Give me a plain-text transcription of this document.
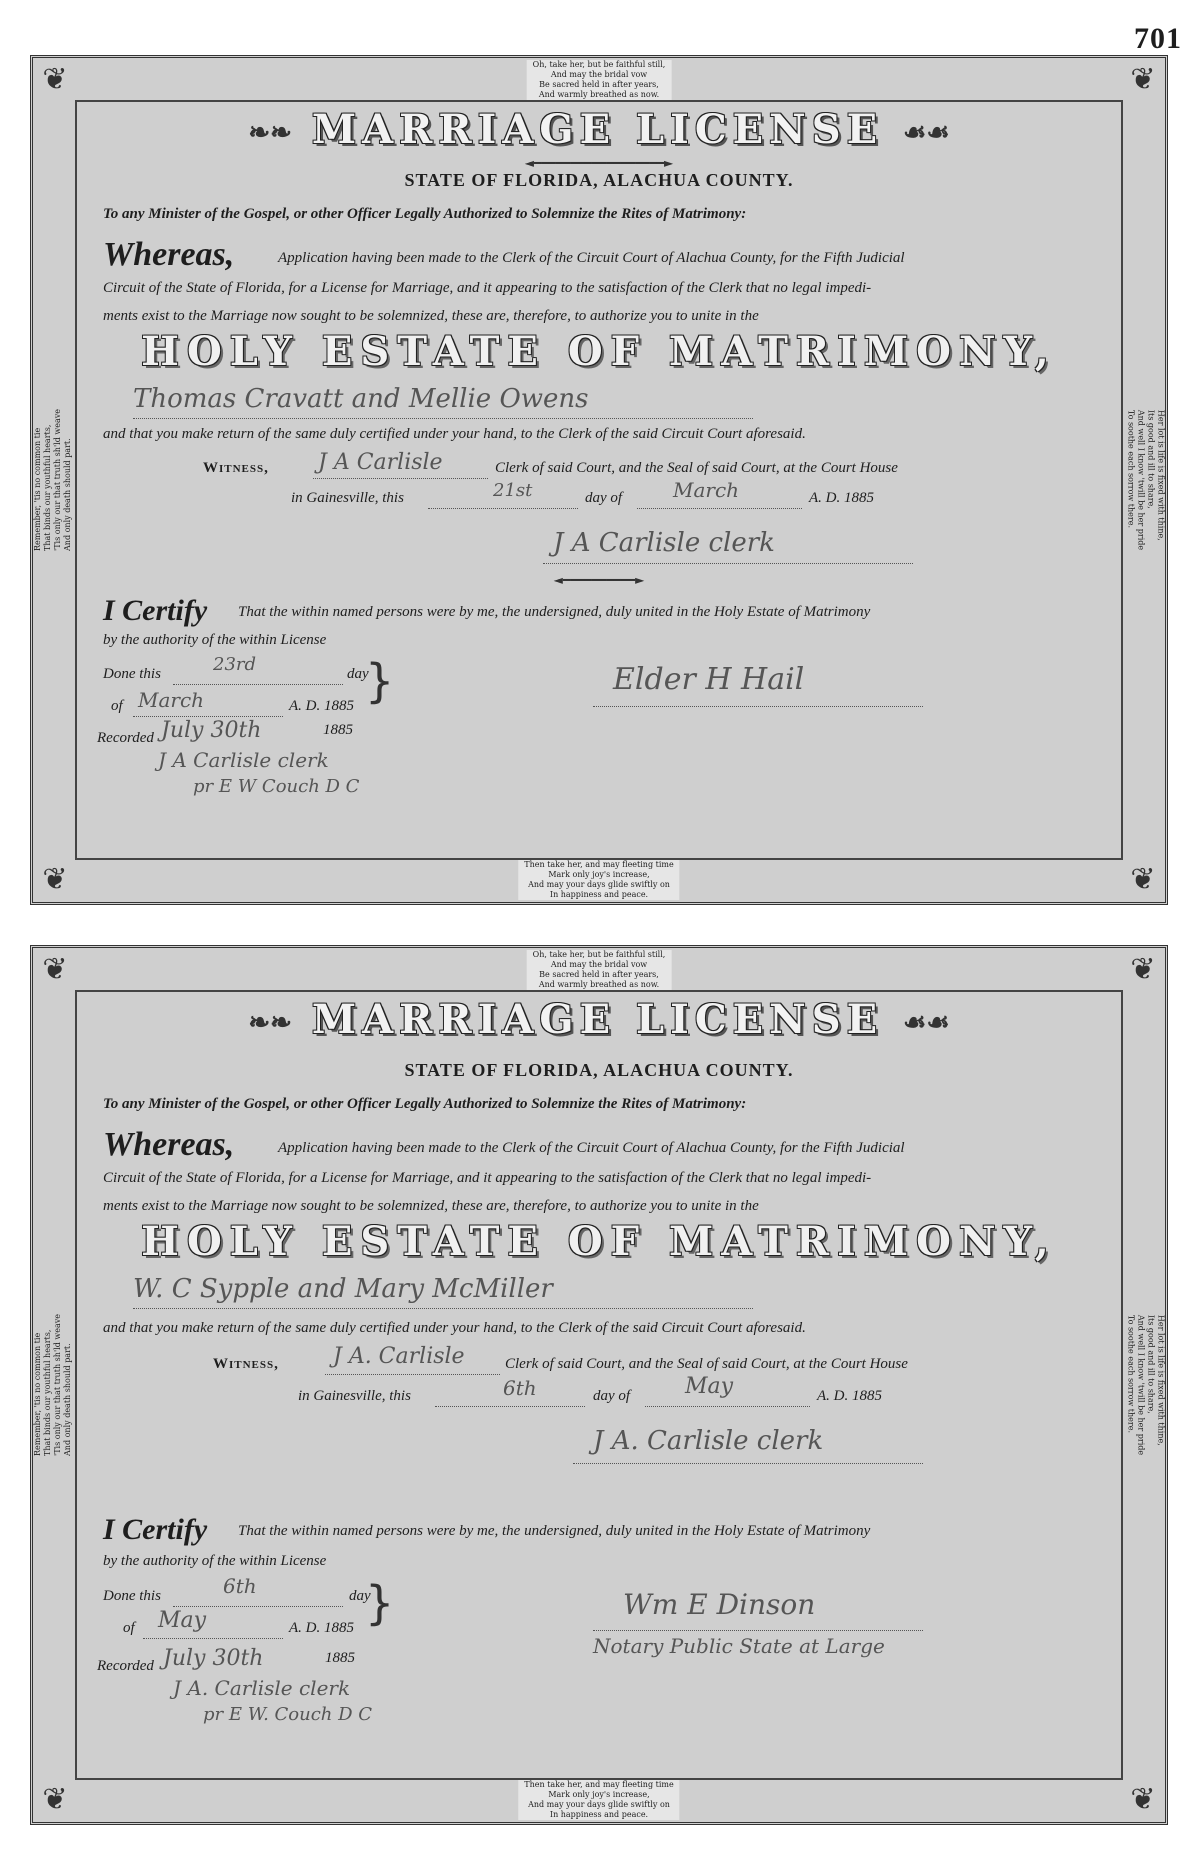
701
❦	❦
❦	❦
Oh, take her, but be faithful still,
And may the bridal vow
Be sacred held in after years,
And warmly breathed as now.
Remember, 'tis no common tie That binds our youthful hearts, 'Tis only our that truth sh'ld weave And only death should part.	Her lot is life is fixed with thine,
Its good and ill to share,
And well I know 'twill be her pride
To soothe each sorrow there.
❧❧ MARRIAGE LICENSE ☙☙
◄━━━━━━━━━━━━━━━━━━►
STATE OF FLORIDA, ALACHUA COUNTY.
To any Minister of the Gospel, or other Officer Legally Authorized to Solemnize the Rites of Matrimony:
Whereas,	Application having been made to the Clerk of the Circuit Court of Alachua County, for the Fifth Judicial
Circuit of the State of Florida, for a License for Marriage, and it appearing to the satisfaction of the Clerk that no legal impedi-
ments exist to the Marriage now sought to be solemnized, these are, therefore, to authorize you to unite in the
HOLY ESTATE OF MATRIMONY,
Thomas Cravatt and Mellie Owens
and that you make return of the same duly certified under your hand, to the Clerk of the said Circuit Court aforesaid.
Witness, J A Carlisle	Clerk of said Court, and the Seal of said Court, at the Court House
in Gainesville, this	21st	day of	March	A. D. 1885
J A Carlisle clerk
◄━━━━━━━━━━►
I Certify That the within named persons were by me, the undersigned, duly united in the Holy Estate of Matrimony
by the authority of the within License
Done this	23rd	day
of March	A. D. 1885 }	Elder H Hail
Recorded July 30th	1885
J A Carlisle clerk
pr E W Couch D C
Then take her, and may fleeting time
Mark only joy's increase,
And may your days glide swiftly on
In happiness and peace.
❦	❦
❦	❦
Oh, take her, but be faithful still,
And may the bridal vow
Be sacred held in after years,
And warmly breathed as now.
Remember, 'tis no common tie That binds our youthful hearts, 'Tis only our that truth sh'ld weave And only death should part.	Her lot is life is fixed with thine,
Its good and ill to share,
And well I know 'twill be her pride
To soothe each sorrow there.
❧❧ MARRIAGE LICENSE ☙☙
STATE OF FLORIDA, ALACHUA COUNTY.
To any Minister of the Gospel, or other Officer Legally Authorized to Solemnize the Rites of Matrimony:
Whereas,	Application having been made to the Clerk of the Circuit Court of Alachua County, for the Fifth Judicial
Circuit of the State of Florida, for a License for Marriage, and it appearing to the satisfaction of the Clerk that no legal impedi-
ments exist to the Marriage now sought to be solemnized, these are, therefore, to authorize you to unite in the
HOLY ESTATE OF MATRIMONY,
W. C Sypple and Mary McMiller
and that you make return of the same duly certified under your hand, to the Clerk of the said Circuit Court aforesaid.
Witness, J A. Carlisle	Clerk of said Court, and the Seal of said Court, at the Court House
in Gainesville, this	6th	day of May	A. D. 1885
J A. Carlisle clerk
I Certify That the within named persons were by me, the undersigned, duly united in the Holy Estate of Matrimony
by the authority of the within License
Done this	6th	day
of May	A. D. 1885 }	Wm E Dinson
Notary Public State at Large
Recorded July 30th	1885
J A. Carlisle clerk
pr E W. Couch D C
Then take her, and may fleeting time
Mark only joy's increase,
And may your days glide swiftly on
In happiness and peace.
